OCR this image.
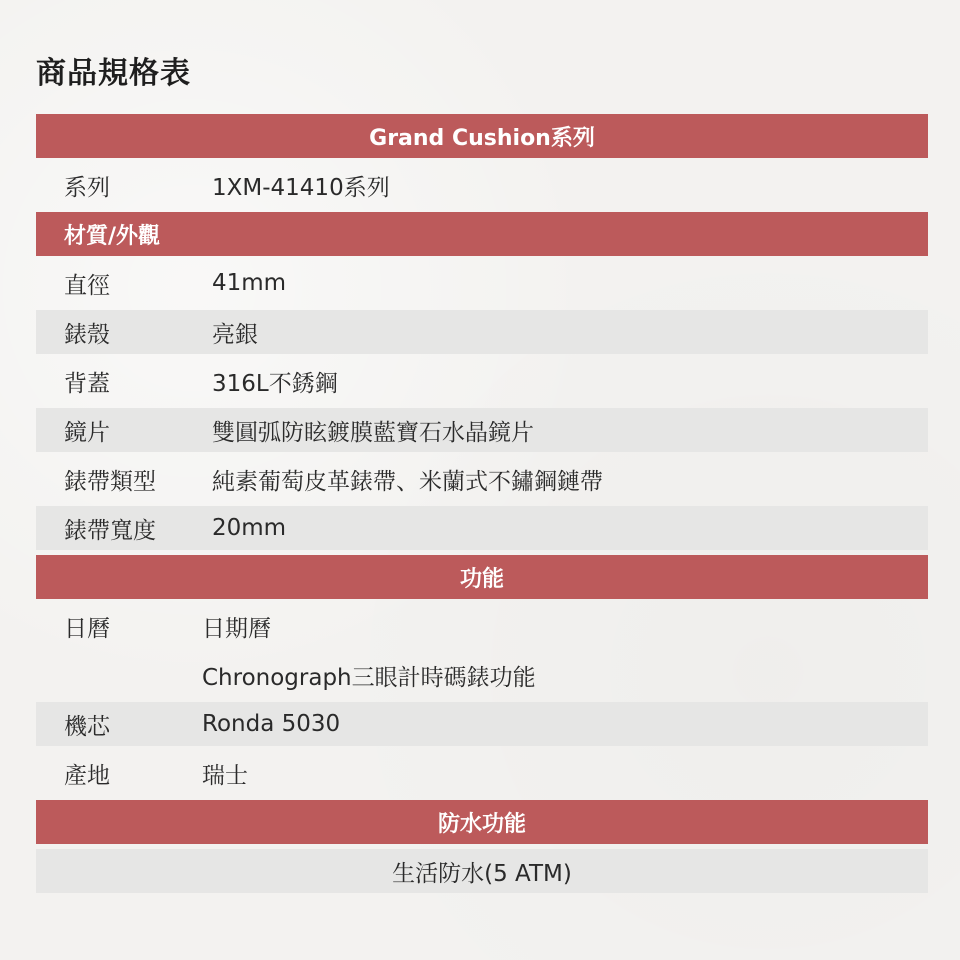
商品規格表
Grand Cushion系列
系列	1XM-41410系列
材質/外觀
直徑	41mm
錶殼	亮銀
背蓋	316L不銹鋼
鏡片	雙圓弧防眩鍍膜藍寶石水晶鏡片
錶帶類型	純素葡萄皮革錶帶、米蘭式不鏽鋼鏈帶
錶帶寬度	20mm
功能
日曆	日期曆
Chronograph三眼計時碼錶功能
機芯	Ronda 5030
產地	瑞士
防水功能
生活防水(5 ATM)
